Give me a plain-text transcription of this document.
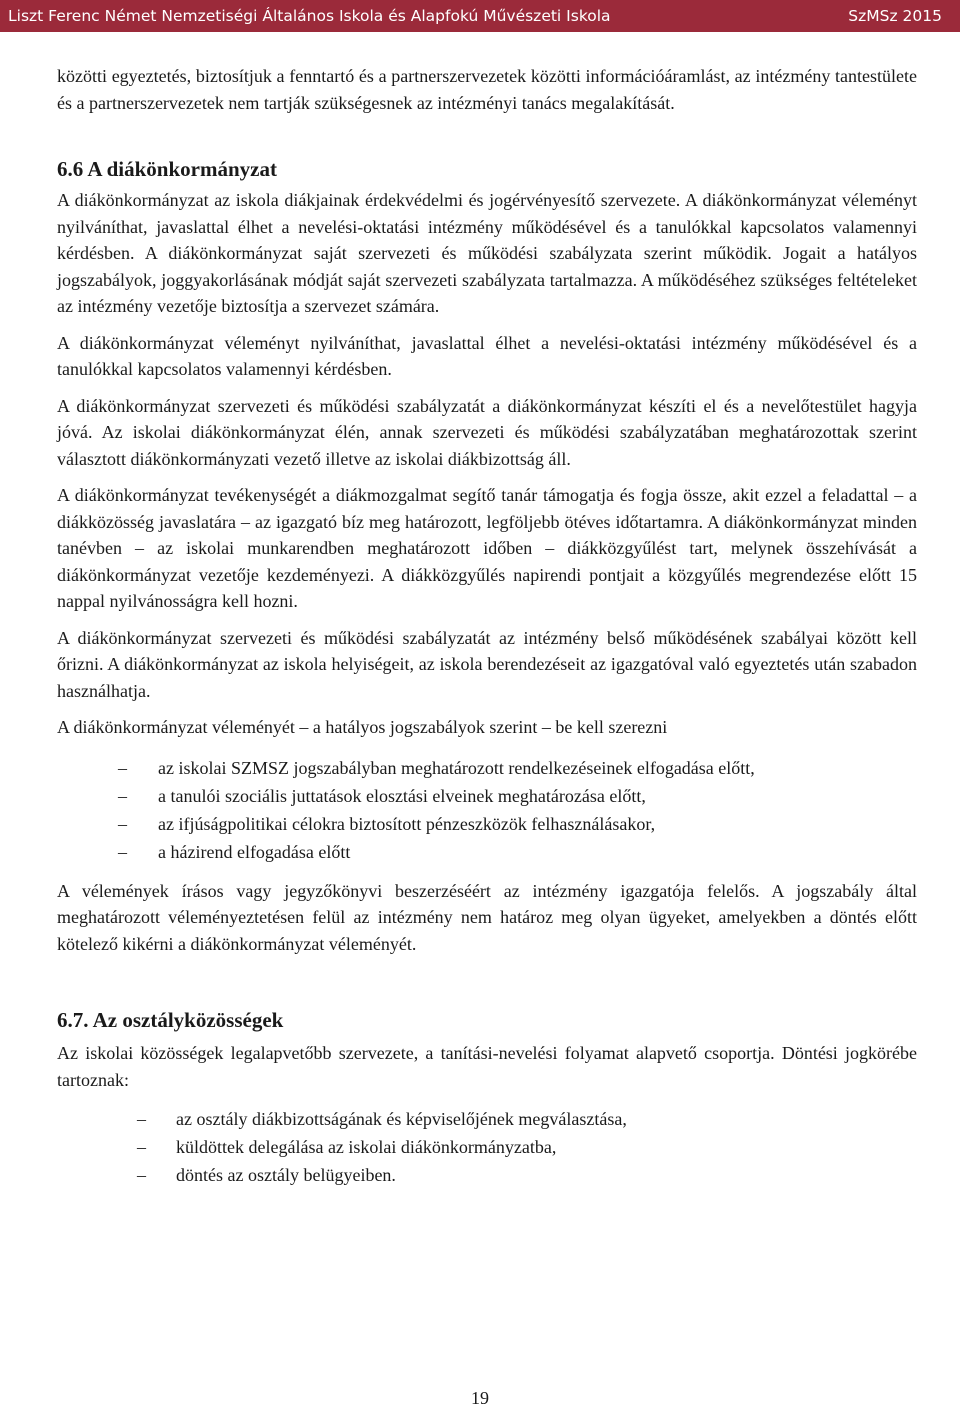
Liszt Ferenc Német Nemzetiségi Általános Iskola és Alapfokú Művészeti Iskola	SzMSz 2015

közötti egyeztetés, biztosítjuk a fenntartó és a partnerszervezetek közötti információáramlást, az intézmény tantestülete és a partnerszervezetek nem tartják szükségesnek az intézményi tanács megalakítását.

6.6 A diákönkormányzat

A diákönkormányzat az iskola diákjainak érdekvédelmi és jogérvényesítő szervezete. A diákönkormányzat véleményt nyilváníthat, javaslattal élhet a nevelési-oktatási intézmény működésével és a tanulókkal kapcsolatos valamennyi kérdésben. A diákönkormányzat saját szervezeti és működési szabályzata szerint működik. Jogait a hatályos jogszabályok, joggyakorlásának módját saját szervezeti szabályzata tartalmazza. A működéséhez szükséges feltételeket az intézmény vezetője biztosítja a szervezet számára.

A diákönkormányzat véleményt nyilváníthat, javaslattal élhet a nevelési-oktatási intézmény működésével és a tanulókkal kapcsolatos valamennyi kérdésben.

A diákönkormányzat szervezeti és működési szabályzatát a diákönkormányzat készíti el és a nevelőtestület hagyja jóvá. Az iskolai diákönkormányzat élén, annak szervezeti és működési szabályzatában meghatározottak szerint választott diákönkormányzati vezető illetve az iskolai diákbizottság áll.

A diákönkormányzat tevékenységét a diákmozgalmat segítő tanár támogatja és fogja össze, akit ezzel a feladattal – a diákközösség javaslatára – az igazgató bíz meg határozott, legföljebb ötéves időtartamra. A diákönkormányzat minden tanévben – az iskolai munkarendben meghatározott időben – diákközgyűlést tart, melynek összehívását a diákönkormányzat vezetője kezdeményezi. A diákközgyűlés napirendi pontjait a közgyűlés megrendezése előtt 15 nappal nyilvánosságra kell hozni.

A diákönkormányzat szervezeti és működési szabályzatát az intézmény belső működésének szabályai között kell őrizni. A diákönkormányzat az iskola helyiségeit, az iskola berendezéseit az igazgatóval való egyeztetés után szabadon használhatja.

A diákönkormányzat véleményét – a hatályos jogszabályok szerint – be kell szerezni

–	az iskolai SZMSZ jogszabályban meghatározott rendelkezéseinek elfogadása előtt,
–	a tanulói szociális juttatások elosztási elveinek meghatározása előtt,
–	az ifjúságpolitikai célokra biztosított pénzeszközök felhasználásakor,
–	a házirend elfogadása előtt

A vélemények írásos vagy jegyzőkönyvi beszerzéséért az intézmény igazgatója felelős. A jogszabály által meghatározott véleményeztetésen felül az intézmény nem határoz meg olyan ügyeket, amelyekben a döntés előtt kötelező kikérni a diákönkormányzat véleményét.

6.7. Az osztályközösségek

Az iskolai közösségek legalapvetőbb szervezete, a tanítási-nevelési folyamat alapvető csoportja. Döntési jogkörébe tartoznak:

–	az osztály diákbizottságának és képviselőjének megválasztása,
–	küldöttek delegálása az iskolai diákönkormányzatba,
–	döntés az osztály belügyeiben.
19
